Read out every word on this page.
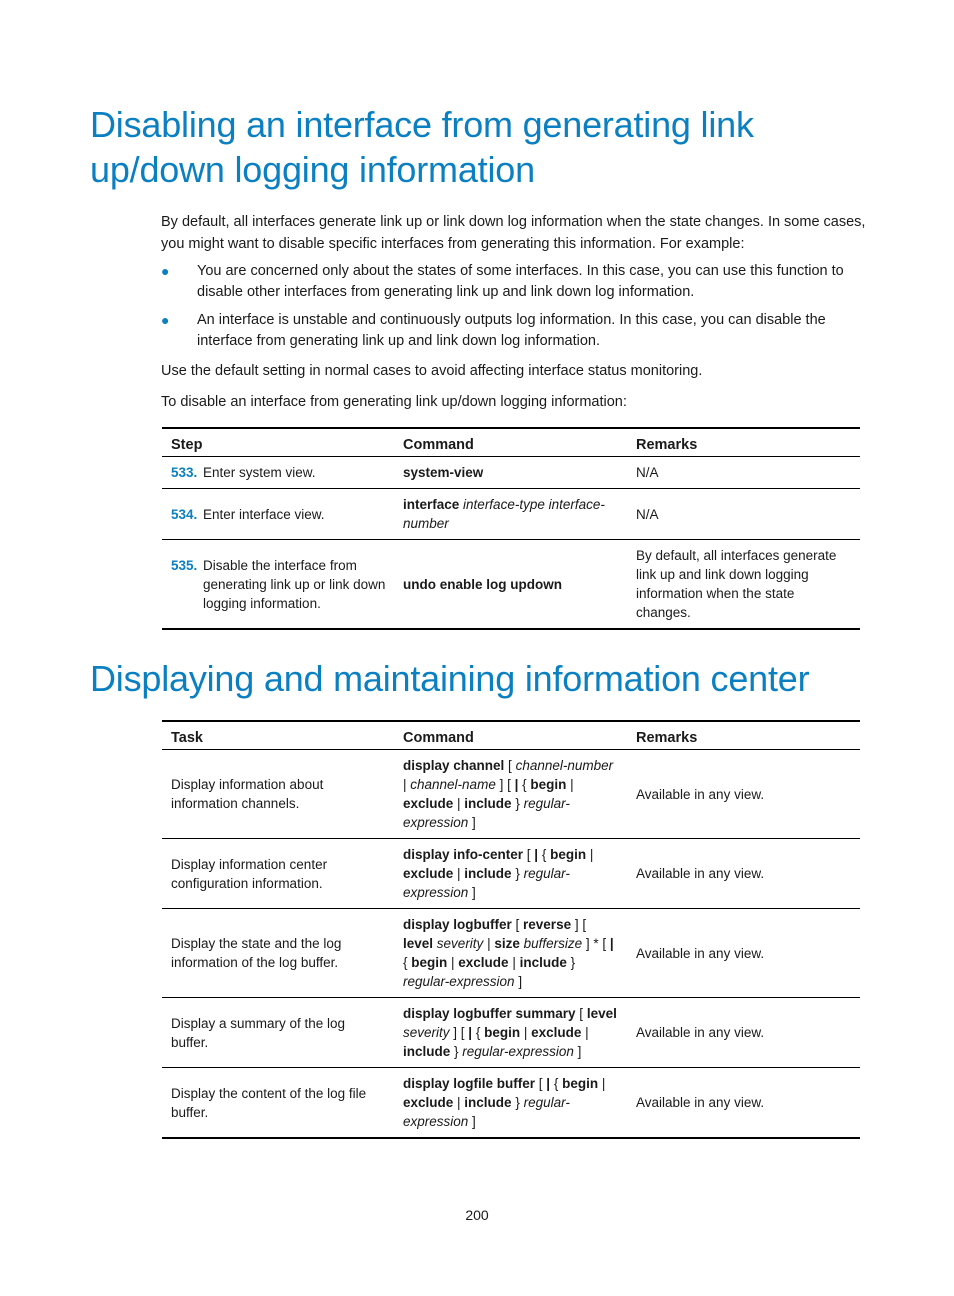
Disabling an interface from generating link up/down logging information

By default, all interfaces generate link up or link down log information when the state changes. In some cases, you might want to disable specific interfaces from generating this information. For example:

● You are concerned only about the states of some interfaces. In this case, you can use this function to disable other interfaces from generating link up and link down log information.
● An interface is unstable and continuously outputs log information. In this case, you can disable the interface from generating link up and link down log information.

Use the default setting in normal cases to avoid affecting interface status monitoring.

To disable an interface from generating link up/down logging information:

Step	Command	Remarks

533. Enter system view.	system-view	N/A

534. Enter interface view.	interface interface-type interface-number	N/A

535. Disable the interface from generating link up or link down logging information.	undo enable log updown	By default, all interfaces generate link up and link down logging information when the state changes.
Displaying and maintaining information center
Task	Command	Remarks
Display information about information channels.	display channel [ channel-number | channel-name ] [ | { begin | exclude | include } regular-expression ]	Available in any view.
Display information center configuration information.	display info-center [ | { begin | exclude | include } regular-expression ]	Available in any view.
Display the state and the log information of the log buffer.	display logbuffer [ reverse ] [ level severity | size buffersize ] * [ | { begin | exclude | include } regular-expression ]	Available in any view.
Display a summary of the log buffer.	display logbuffer summary [ level severity ] [ | { begin | exclude | include } regular-expression ]	Available in any view.
Display the content of the log file buffer.	display logfile buffer [ | { begin | exclude | include } regular-expression ]	Available in any view.
200
